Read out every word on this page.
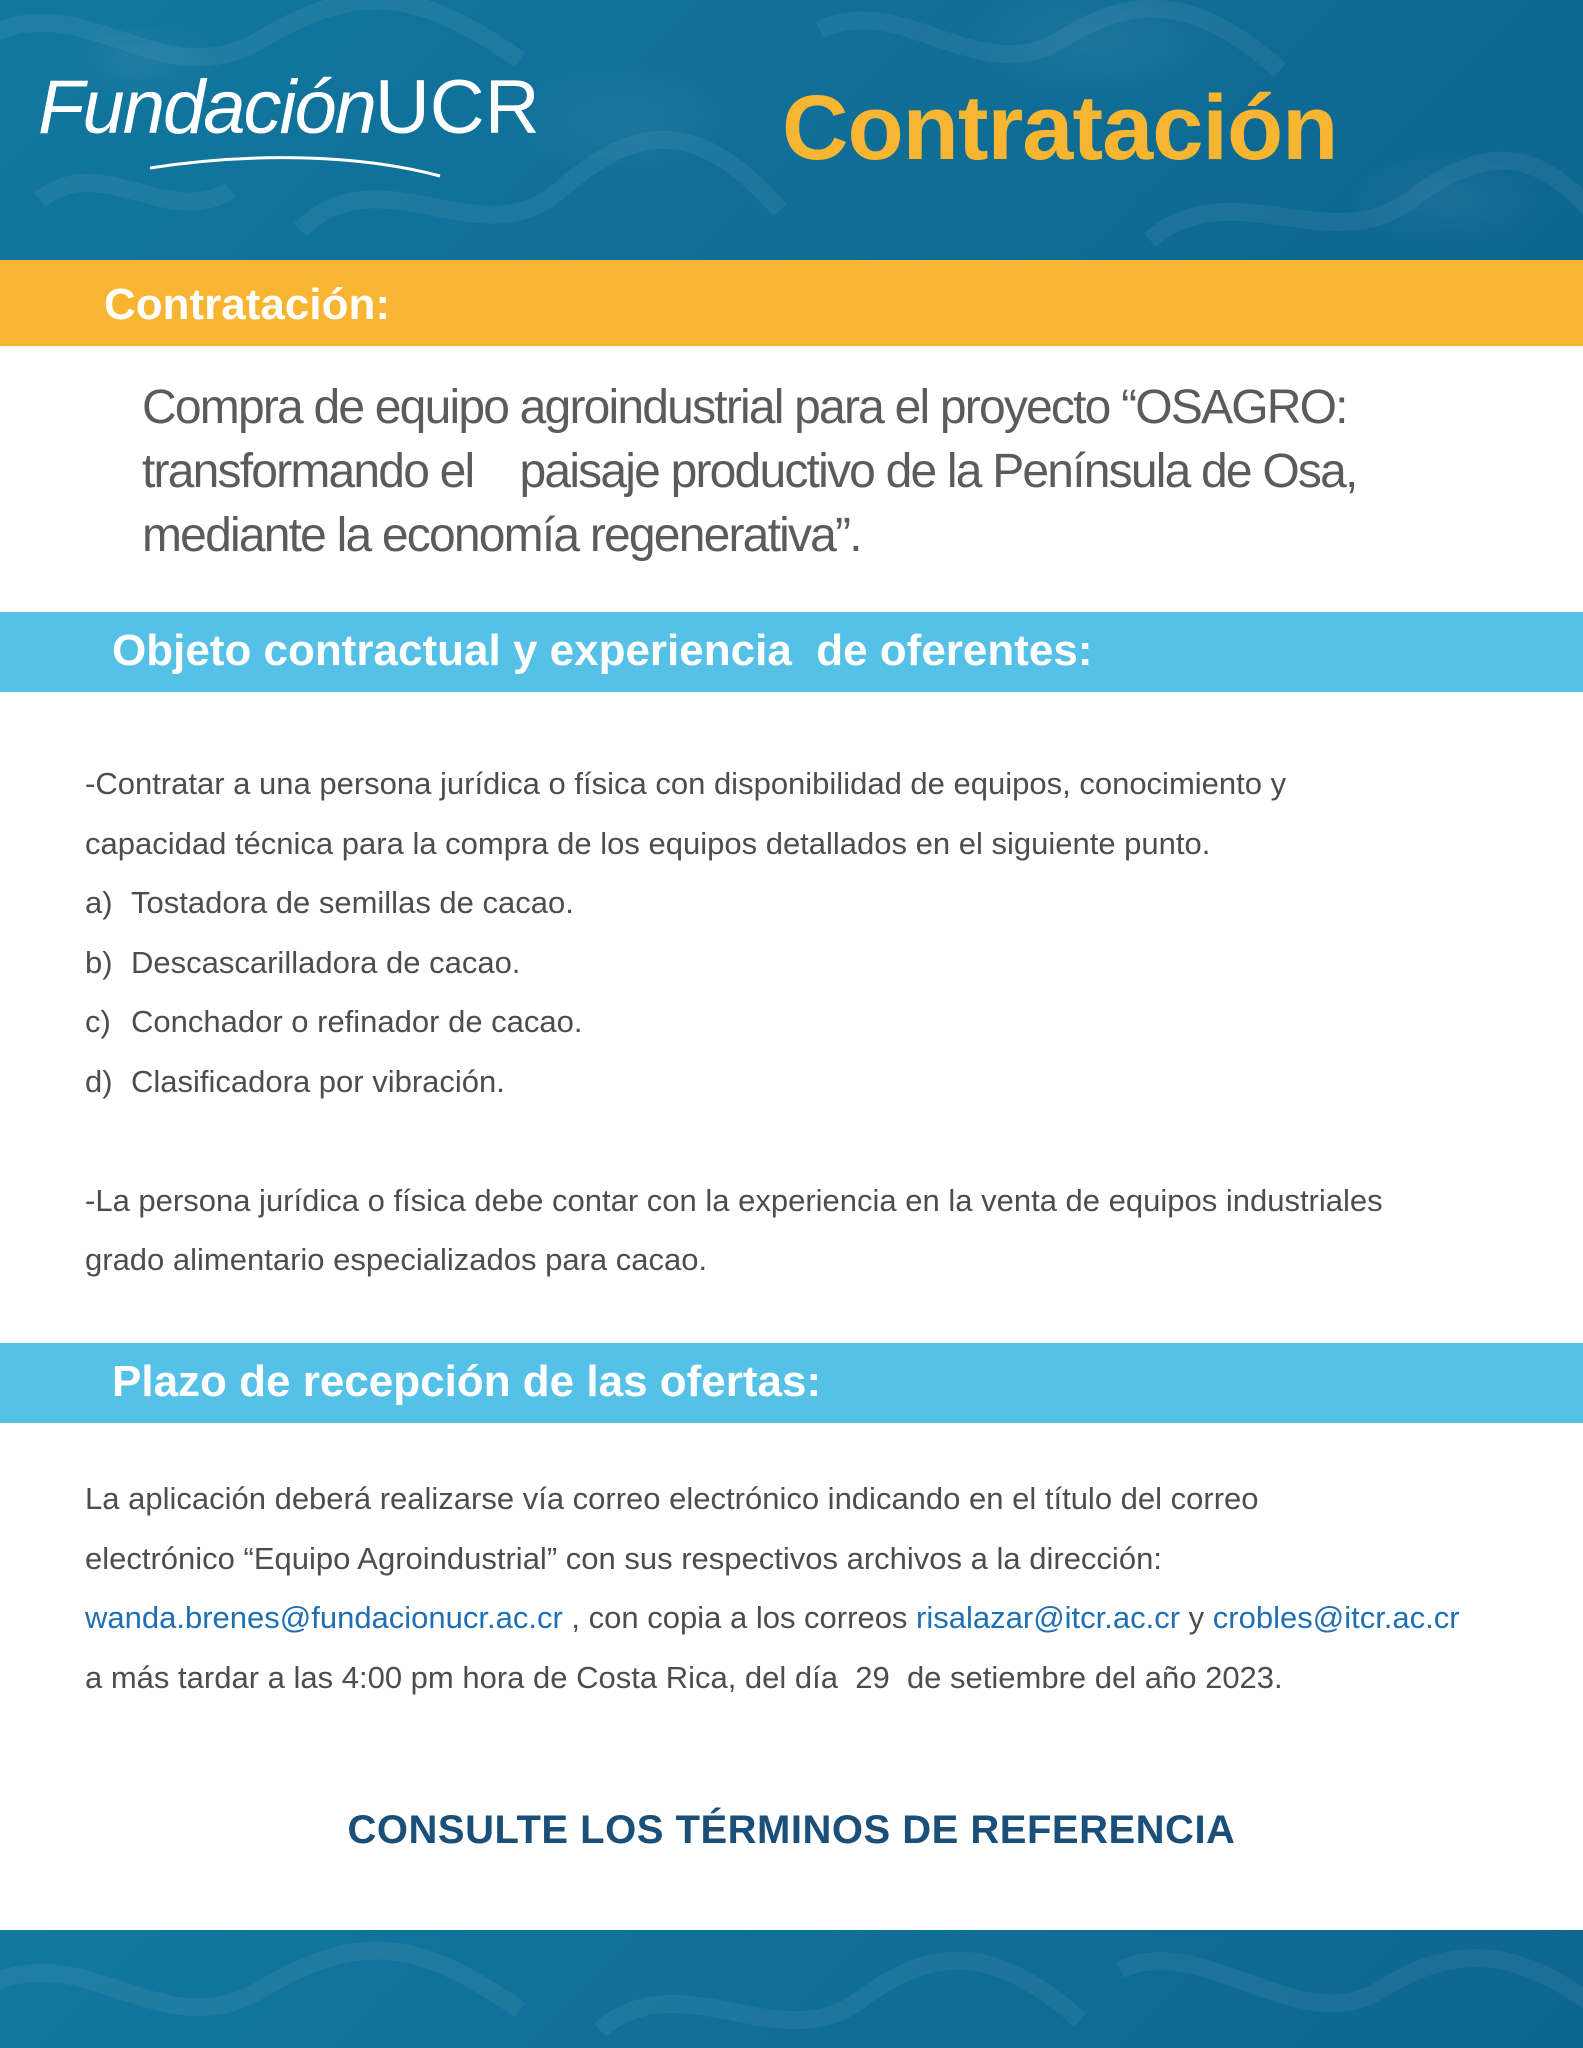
FundaciónUCR	Contratación
Contratación:
Compra de equipo agroindustrial para el proyecto “OSAGRO:
transformando el    paisaje productivo de la Península de Osa,
mediante la economía regenerativa”.
Objeto contractual y experiencia  de oferentes:

-Contratar a una persona jurídica o física con disponibilidad de equipos, conocimiento y

capacidad técnica para la compra de los equipos detallados en el siguiente punto.

a) Tostadora de semillas de cacao.
b) Descascarilladora de cacao.
c) Conchador o refinador de cacao.
d) Clasificadora por vibración.

-La persona jurídica o física debe contar con la experiencia en la venta de equipos industriales

grado alimentario especializados para cacao.

Plazo de recepción de las ofertas:

La aplicación deberá realizarse vía correo electrónico indicando en el título del correo

electrónico “Equipo Agroindustrial” con sus respectivos archivos a la dirección:

wanda.brenes@fundacionucr.ac.cr , con copia a los correos risalazar@itcr.ac.cr y crobles@itcr.ac.cr

a más tardar a las 4:00 pm hora de Costa Rica, del día  29  de setiembre del año 2023.

CONSULTE LOS TÉRMINOS DE REFERENCIA
